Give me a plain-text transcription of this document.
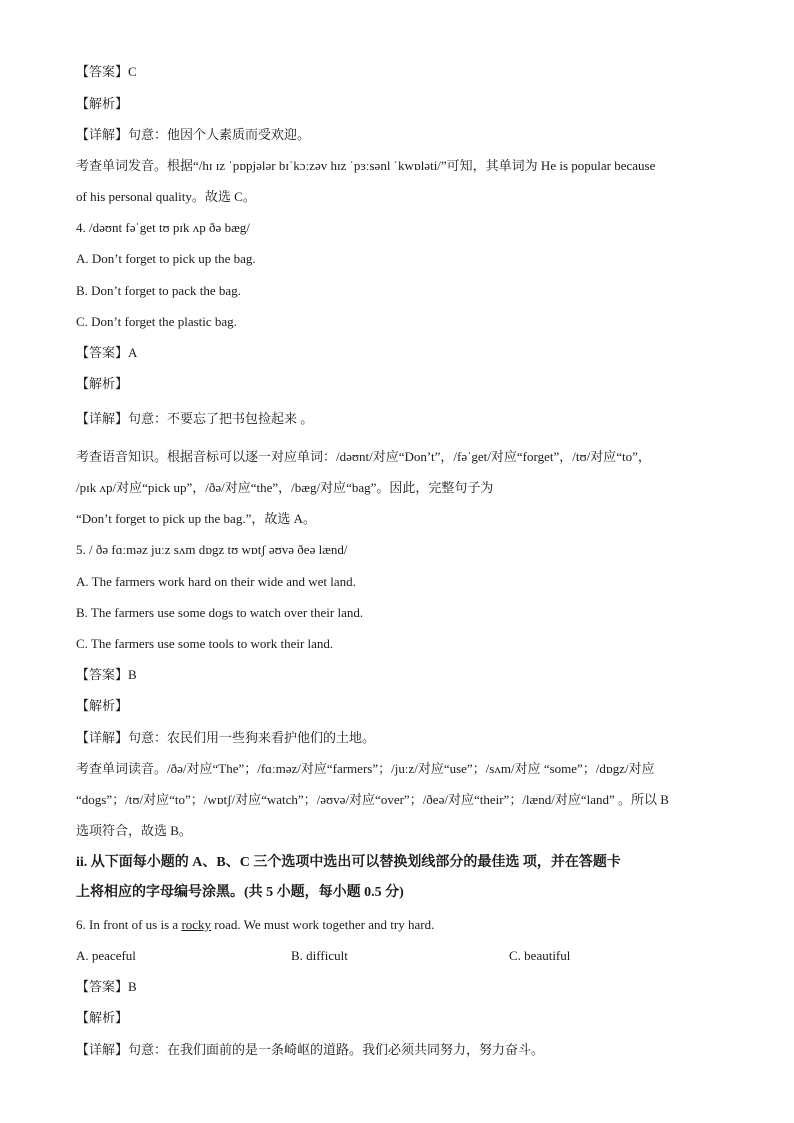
【答案】C
【解析】
【详解】句意：他因个人素质而受欢迎。
考查单词发音。根据“/hɪ ɪz ˈpɒpjələr bɪˈkɔːzəv hɪz ˈpɜːsənl ˈkwɒləti/”可知，其单词为 He is popular because
of his personal quality。故选 C。
4. /dəʊnt fəˈget tʊ pɪk ʌp ðə bæg/
A. Don’t forget to pick up the bag.
B. Don’t forget to pack the bag.
C. Don’t forget the plastic bag.
【答案】A
【解析】
【详解】句意：不要忘了把书包捡起来 。
考查语音知识。根据音标可以逐一对应单词：/dəʊnt/对应“Don’t”，/fəˈget/对应“forget”，/tʊ/对应“to”，
/pɪk ʌp/对应“pick up”，/ðə/对应“the”，/bæg/对应“bag”。因此，完整句子为
“Don’t forget to pick up the bag.”，故选 A。
5. / ðə fɑːməz juːz sʌm dɒgz tʊ wɒtʃ əʊvə ðeə lænd/
A. The farmers work hard on their wide and wet land.
B. The farmers use some dogs to watch over their land.
C. The farmers use some tools to work their land.
【答案】B
【解析】
【详解】句意：农民们用一些狗来看护他们的土地。
考查单词读音。/ðə/对应“The”；/fɑːməz/对应“farmers”；/juːz/对应“use”；/sʌm/对应 “some”；/dɒgz/对应
“dogs”；/tʊ/对应“to”；/wɒtʃ/对应“watch”；/əʊvə/对应“over”；/ðeə/对应“their”；/lænd/对应“land” 。所以 B
选项符合，故选 B。
ii. 从下面每小题的 A、B、C 三个选项中选出可以替换划线部分的最佳选 项，并在答题卡
上将相应的字母编号涂黑。(共 5 小题，每小题 0.5 分)
6. In front of us is a rocky road. We must work together and try hard.
A. peaceful	B. difficult	C. beautiful
【答案】B
【解析】
【详解】句意：在我们面前的是一条崎岖的道路。我们必须共同努力，努力奋斗。
